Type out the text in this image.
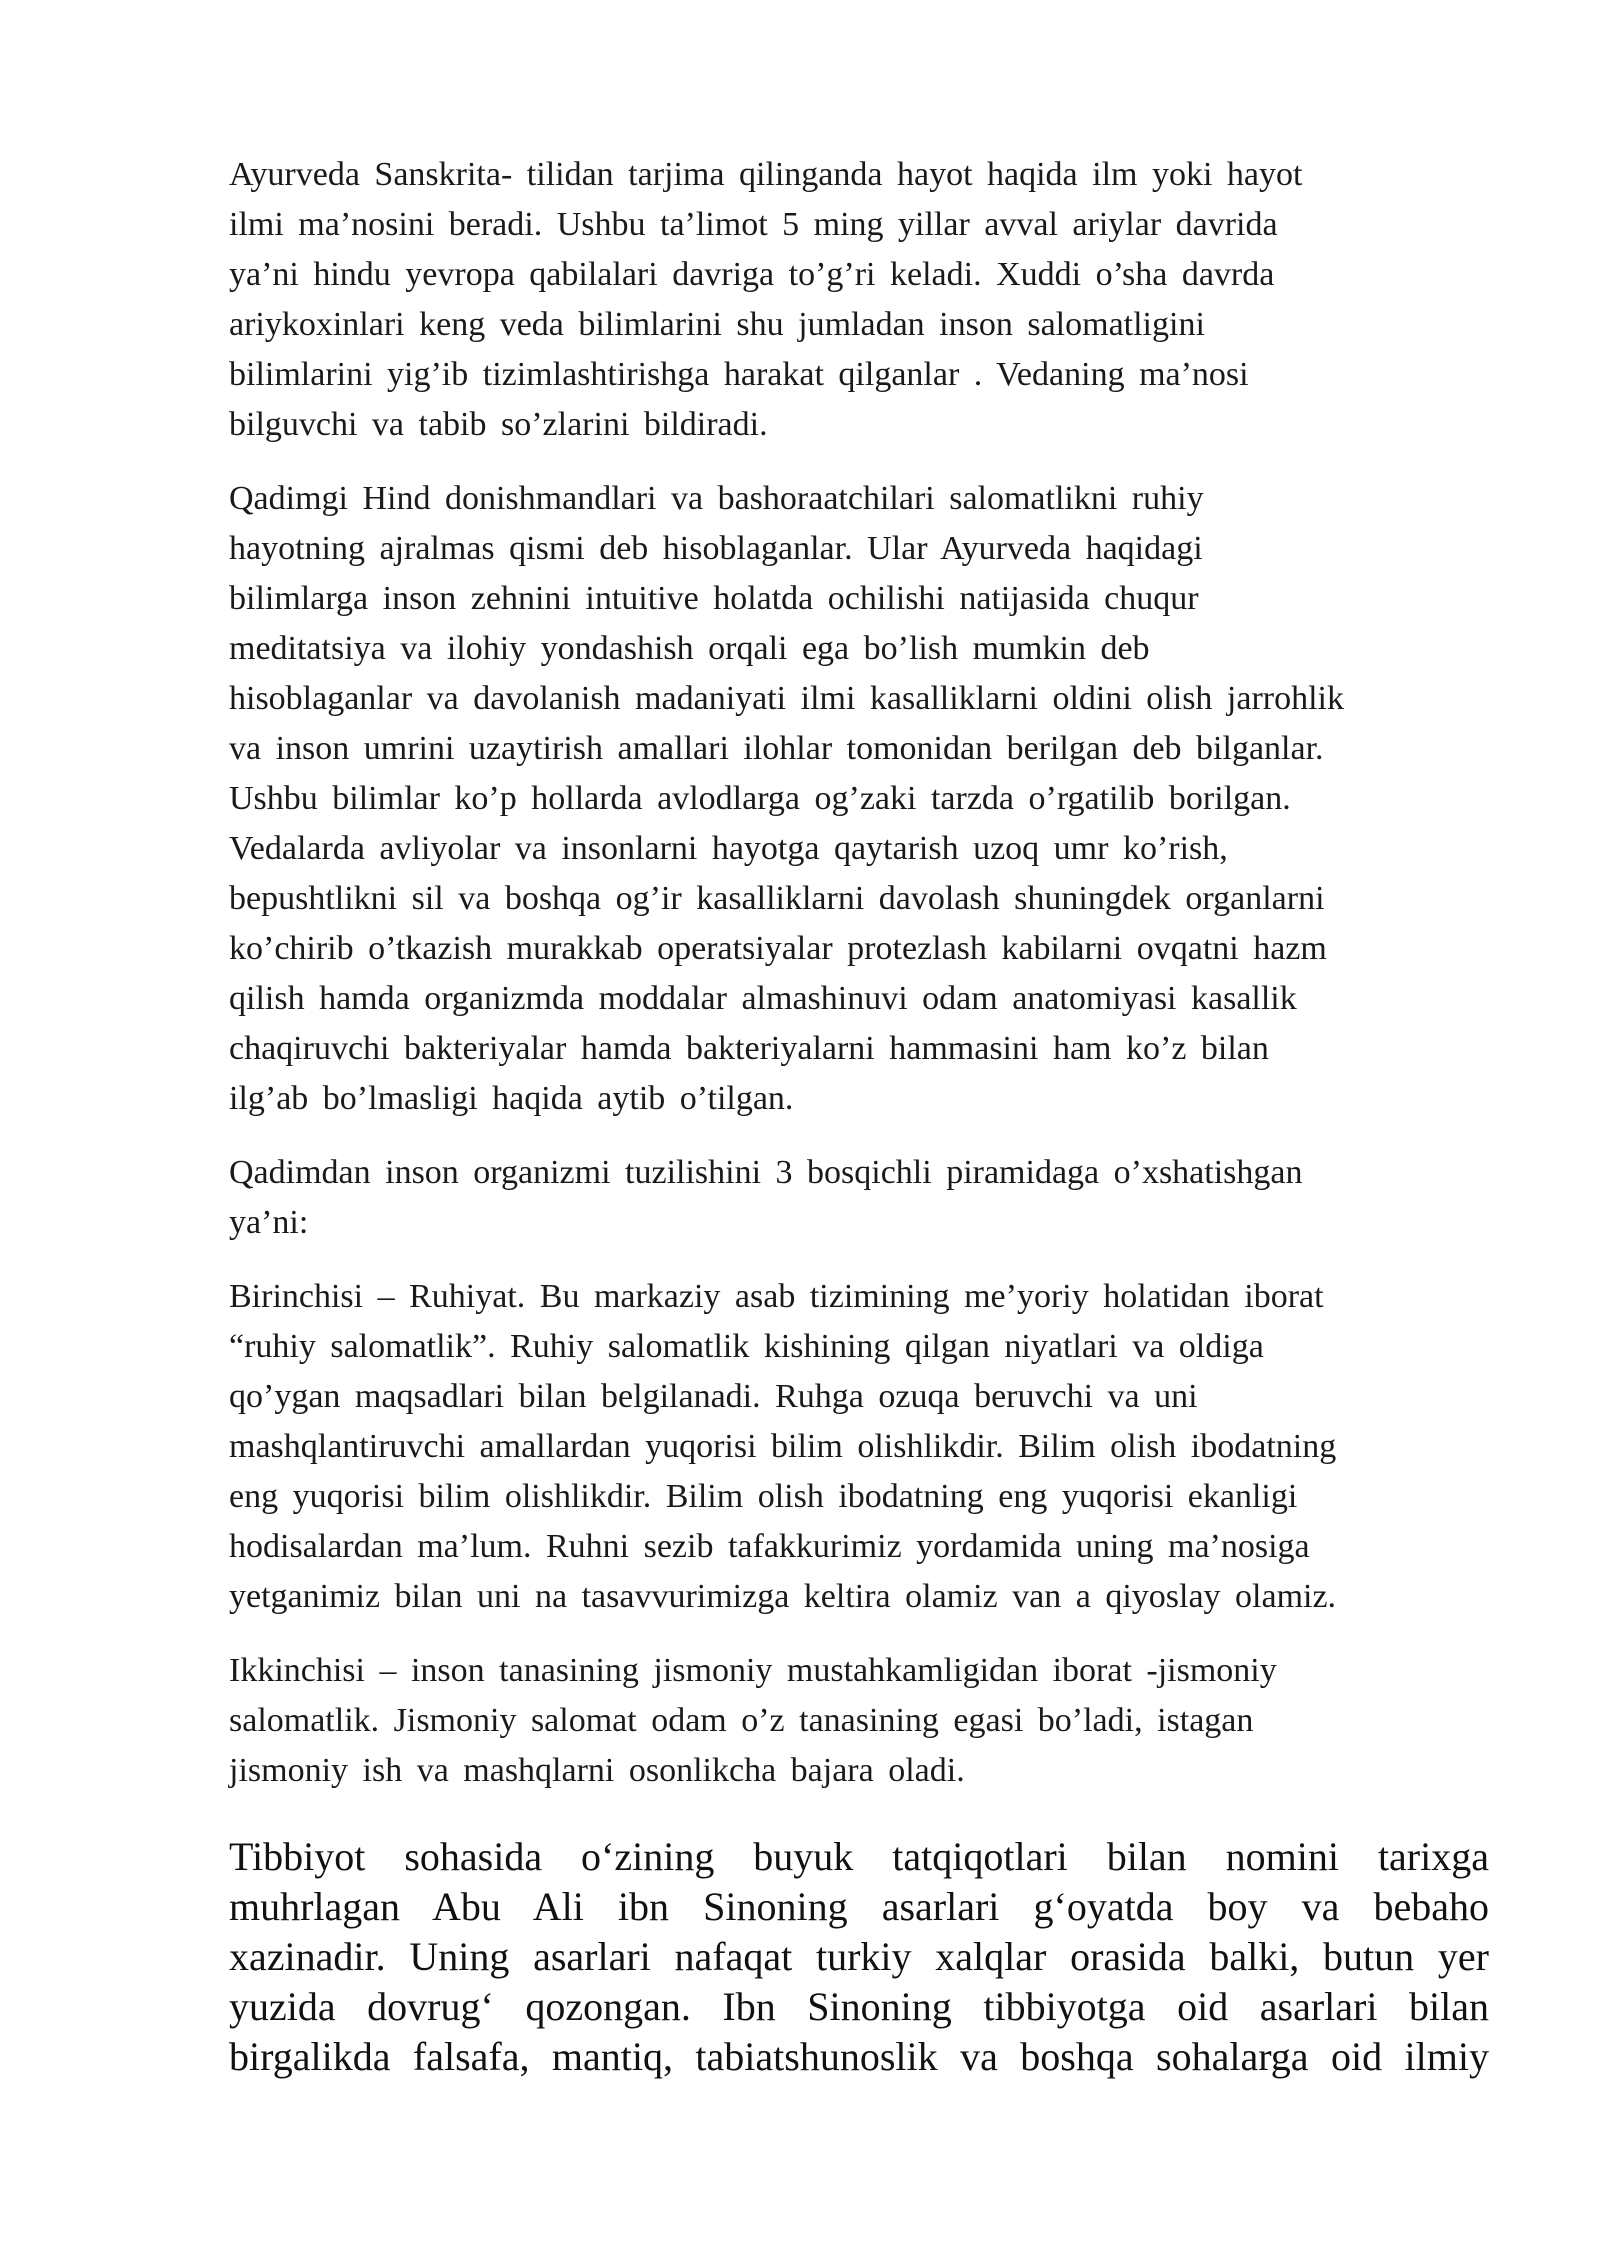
Ayurveda Sanskrita- tilidan tarjima qilinganda hayot haqida ilm yoki hayot
ilmi ma’nosini beradi. Ushbu ta’limot 5 ming yillar avval ariylar davrida
ya’ni hindu yevropa qabilalari davriga to’g’ri keladi. Xuddi o’sha davrda
ariykoxinlari keng veda bilimlarini shu jumladan inson salomatligini
bilimlarini yig’ib tizimlashtirishga harakat qilganlar . Vedaning ma’nosi
bilguvchi va tabib so’zlarini bildiradi.

Qadimgi Hind donishmandlari va bashoraatchilari salomatlikni ruhiy
hayotning ajralmas qismi deb hisoblaganlar. Ular Ayurveda haqidagi
bilimlarga inson zehnini intuitive holatda ochilishi natijasida chuqur
meditatsiya va ilohiy yondashish orqali ega bo’lish mumkin deb
hisoblaganlar va davolanish madaniyati ilmi kasalliklarni oldini olish jarrohlik
va inson umrini uzaytirish amallari ilohlar tomonidan berilgan deb bilganlar.
Ushbu bilimlar ko’p hollarda avlodlarga og’zaki tarzda o’rgatilib borilgan.
Vedalarda avliyolar va insonlarni hayotga qaytarish uzoq umr ko’rish,
bepushtlikni sil va boshqa og’ir kasalliklarni davolash shuningdek organlarni
ko’chirib o’tkazish murakkab operatsiyalar protezlash kabilarni ovqatni hazm
qilish hamda organizmda moddalar almashinuvi odam anatomiyasi kasallik
chaqiruvchi bakteriyalar hamda bakteriyalarni hammasini ham ko’z bilan
ilg’ab bo’lmasligi haqida aytib o’tilgan.

Qadimdan inson organizmi tuzilishini 3 bosqichli piramidaga o’xshatishgan
ya’ni:

Birinchisi – Ruhiyat. Bu markaziy asab tizimining me’yoriy holatidan iborat
“ruhiy salomatlik”. Ruhiy salomatlik kishining qilgan niyatlari va oldiga
qo’ygan maqsadlari bilan belgilanadi. Ruhga ozuqa beruvchi va uni
mashqlantiruvchi amallardan yuqorisi bilim olishlikdir. Bilim olish ibodatning
eng yuqorisi bilim olishlikdir. Bilim olish ibodatning eng yuqorisi ekanligi
hodisalardan ma’lum. Ruhni sezib tafakkurimiz yordamida uning ma’nosiga
yetganimiz bilan uni na tasavvurimizga keltira olamiz van a qiyoslay olamiz.

Ikkinchisi – inson tanasining jismoniy mustahkamligidan iborat -jismoniy
salomatlik. Jismoniy salomat odam o’z tanasining egasi bo’ladi, istagan
jismoniy ish va mashqlarni osonlikcha bajara oladi.

Tibbiyot sohasida o‘zining buyuk tatqiqotlari bilan nomini tarixga
muhrlagan Abu Ali ibn Sinoning asarlari g‘oyatda boy va bebaho
xazinadir. Uning asarlari nafaqat turkiy xalqlar orasida balki, butun yer
yuzida dovrug‘ qozongan. Ibn Sinoning tibbiyotga oid asarlari bilan
birgalikda falsafa, mantiq, tabiatshunoslik va boshqa sohalarga oid ilmiy
